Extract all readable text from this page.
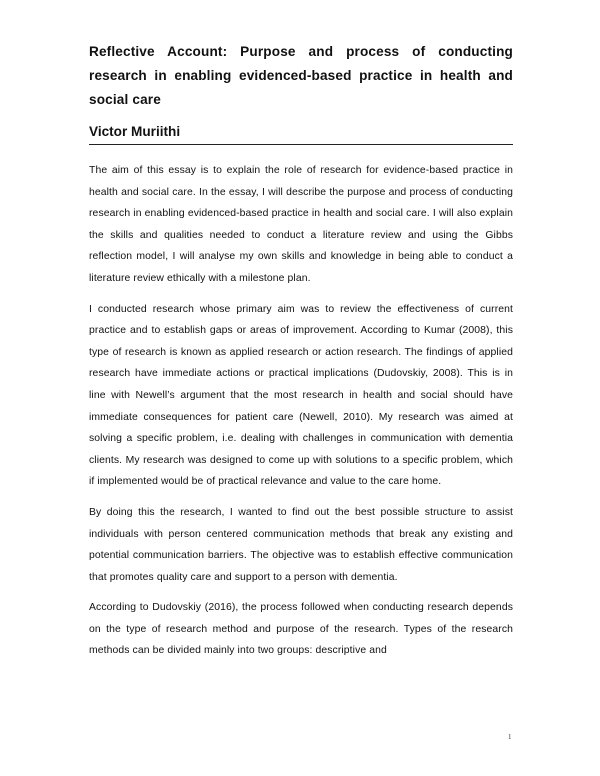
Reflective Account: Purpose and process of conducting research in enabling evidenced-based practice in health and social care
Victor Muriithi

The aim of this essay is to explain the role of research for evidence-based practice in health and social care. In the essay, I will describe the purpose and process of conducting research in enabling evidenced-based practice in health and social care. I will also explain the skills and qualities needed to conduct a literature review and using the Gibbs reflection model, I will analyse my own skills and knowledge in being able to conduct a literature review ethically with a milestone plan.

I conducted research whose primary aim was to review the effectiveness of current practice and to establish gaps or areas of improvement. According to Kumar (2008), this type of research is known as applied research or action research. The findings of applied research have immediate actions or practical implications (Dudovskiy, 2008). This is in line with Newell’s argument that the most research in health and social should have immediate consequences for patient care (Newell, 2010). My research was aimed at solving a specific problem, i.e. dealing with challenges in communication with dementia clients. My research was designed to come up with solutions to a specific problem, which if implemented would be of practical relevance and value to the care home.

By doing this the research, I wanted to find out the best possible structure to assist individuals with person centered communication methods that break any existing and potential communication barriers. The objective was to establish effective communication that promotes quality care and support to a person with dementia.

According to Dudovskiy (2016), the process followed when conducting research depends on the type of research method and purpose of the research. Types of the research methods can be divided mainly into two groups: descriptive and

1
